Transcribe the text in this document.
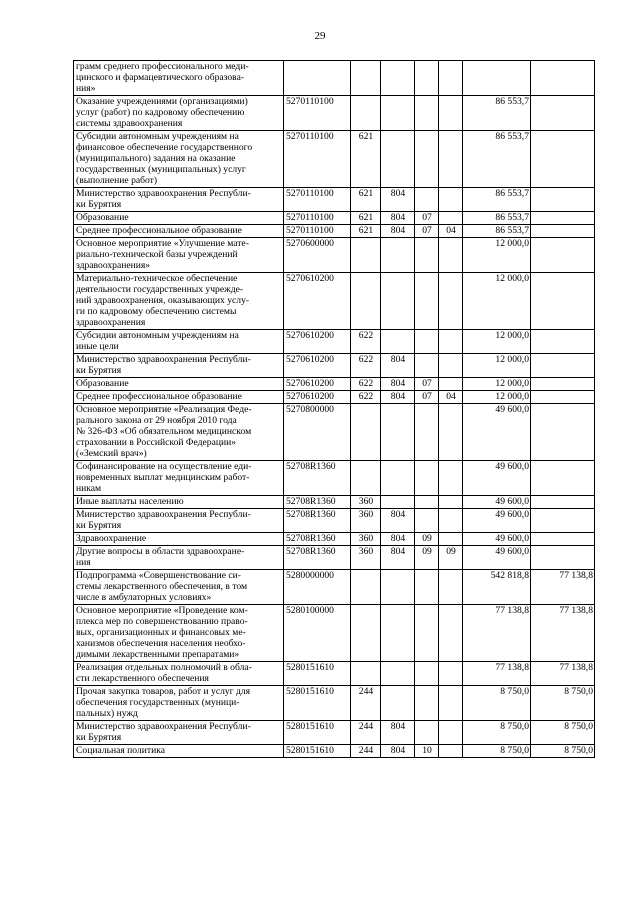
29
грамм среднего профессионального меди-
цинского и фармацевтического образова-
ния»							
Оказание учреждениями (организациями)
услуг (работ) по кадровому обеспечению
системы здравоохранения	5270110100					86 553,7	
Субсидии автономным учреждениям на
финансовое обеспечение государственного
(муниципального) задания на оказание
государственных (муниципальных) услуг
(выполнение работ)	5270110100	621				86 553,7	
Министерство здравоохранения Республи-
ки Бурятия	5270110100	621	804			86 553,7	
Образование	5270110100	621	804	07		86 553,7	
Среднее профессиональное образование	5270110100	621	804	07	04	86 553,7	
Основное мероприятие «Улучшение мате-
риально-технической базы учреждений
здравоохранения»	5270600000					12 000,0	
Материально-техническое обеспечение
деятельности государственных учрежде-
ний здравоохранения, оказывающих услу-
ги по кадровому обеспечению системы
здравоохранения	5270610200					12 000,0	
Субсидии автономным учреждениям на
иные цели	5270610200	622				12 000,0	
Министерство здравоохранения Республи-
ки Бурятия	5270610200	622	804			12 000,0	
Образование	5270610200	622	804	07		12 000,0	
Среднее профессиональное образование	5270610200	622	804	07	04	12 000,0	
Основное мероприятие «Реализация Феде-
рального закона от 29 ноября 2010 года
№ 326-ФЗ «Об обязательном медицинском
страховании в Российской Федерации»
(«Земский врач»)	5270800000					49 600,0	
Софинансирование на осуществление еди-
новременных выплат медицинским работ-
никам	52708R1360					49 600,0	
Иные выплаты населению	52708R1360	360				49 600,0	
Министерство здравоохранения Республи-
ки Бурятия	52708R1360	360	804			49 600,0	
Здравоохранение	52708R1360	360	804	09		49 600,0	
Другие вопросы в области здравоохране-
ния	52708R1360	360	804	09	09	49 600,0	
Подпрограмма «Совершенствование си-
стемы лекарственного обеспечения, в том
числе в амбулаторных условиях»	5280000000					542 818,8	77 138,8
Основное мероприятие «Проведение ком-
плекса мер по совершенствованию право-
вых, организационных и финансовых ме-
ханизмов обеспечения населения необхо-
димыми лекарственными препаратами»	5280100000					77 138,8	77 138,8
Реализация отдельных полномочий в обла-
сти лекарственного обеспечения	5280151610					77 138,8	77 138,8
Прочая закупка товаров, работ и услуг для
обеспечения государственных (муници-
пальных) нужд	5280151610	244				8 750,0	8 750,0
Министерство здравоохранения Республи-
ки Бурятия	5280151610	244	804			8 750,0	8 750,0
Социальная политика	5280151610	244	804	10		8 750,0	8 750,0
